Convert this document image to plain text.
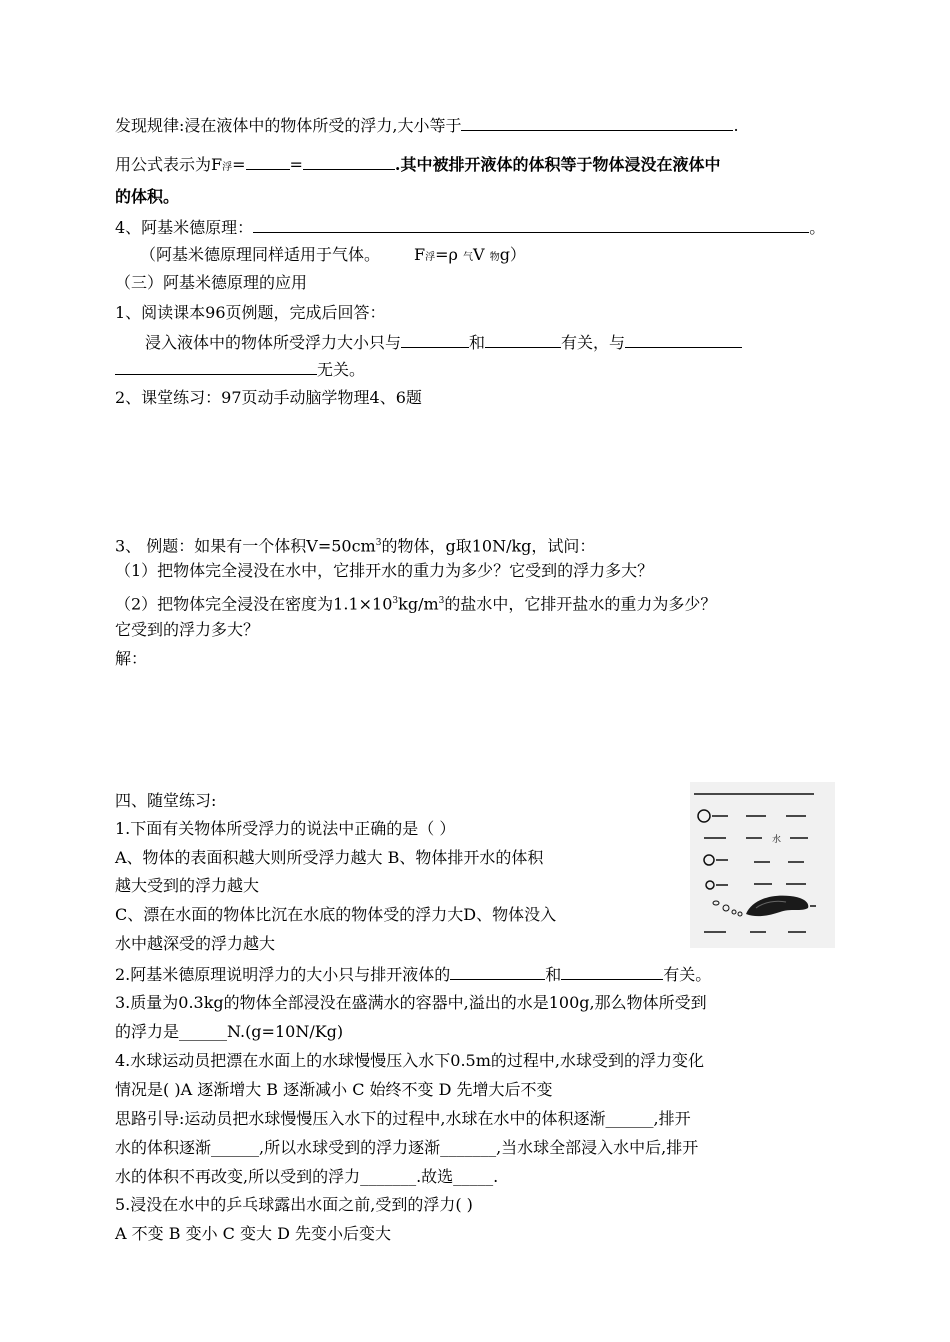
发现规律:浸在液体中的物体所受的浮力,大小等于	.
用公式表示为F浮=	=	.其中被排开液体的体积等于物体浸没在液体中
的体积。
4、阿基米德原理：	。
（阿基米德原理同样适用于气体。 F浮=ρ 气V 物g）
（三）阿基米德原理的应用
1、阅读课本96页例题，完成后回答：
浸入液体中的物体所受浮力大小只与	和	有关，与
无关。
2、课堂练习：97页动手动脑学物理4、6题
3、 例题：如果有一个体积$V=50cm^3$的物体，g取10N/kg，试问：
（1）把物体完全浸没在水中，它排开水的重力为多少？它受到的浮力多大？
（2）把物体完全浸没在密度为$1.1\times 10^3kg/m^3$的盐水中，它排开盐水的重力为多少？
它受到的浮力多大？
解：
四、随堂练习:
1.下面有关物体所受浮力的说法中正确的是（ ）
A、物体的表面积越大则所受浮力越大 B、物体排开水的体积
越大受到的浮力越大
C、漂在水面的物体比沉在水底的物体受的浮力大D、物体没入
水中越深受的浮力越大
2.阿基米德原理说明浮力的大小只与排开液体的	和	有关。
3.质量为0.3kg的物体全部浸没在盛满水的容器中,溢出的水是100g,那么物体所受到
的浮力是______N.(g=10N/Kg)
4.水球运动员把漂在水面上的水球慢慢压入水下0.5m的过程中,水球受到的浮力变化
情况是( )A 逐渐增大 B 逐渐减小 C 始终不变 D 先增大后不变
思路引导:运动员把水球慢慢压入水下的过程中,水球在水中的体积逐渐______,排开
水的体积逐渐______,所以水球受到的浮力逐渐_______,当水球全部浸入水中后,排开
水的体积不再改变,所以受到的浮力_______.故选_____.
5.浸没在水中的乒乓球露出水面之前,受到的浮力( )
A 不变 B 变小 C 变大 D 先变小后变大
水
